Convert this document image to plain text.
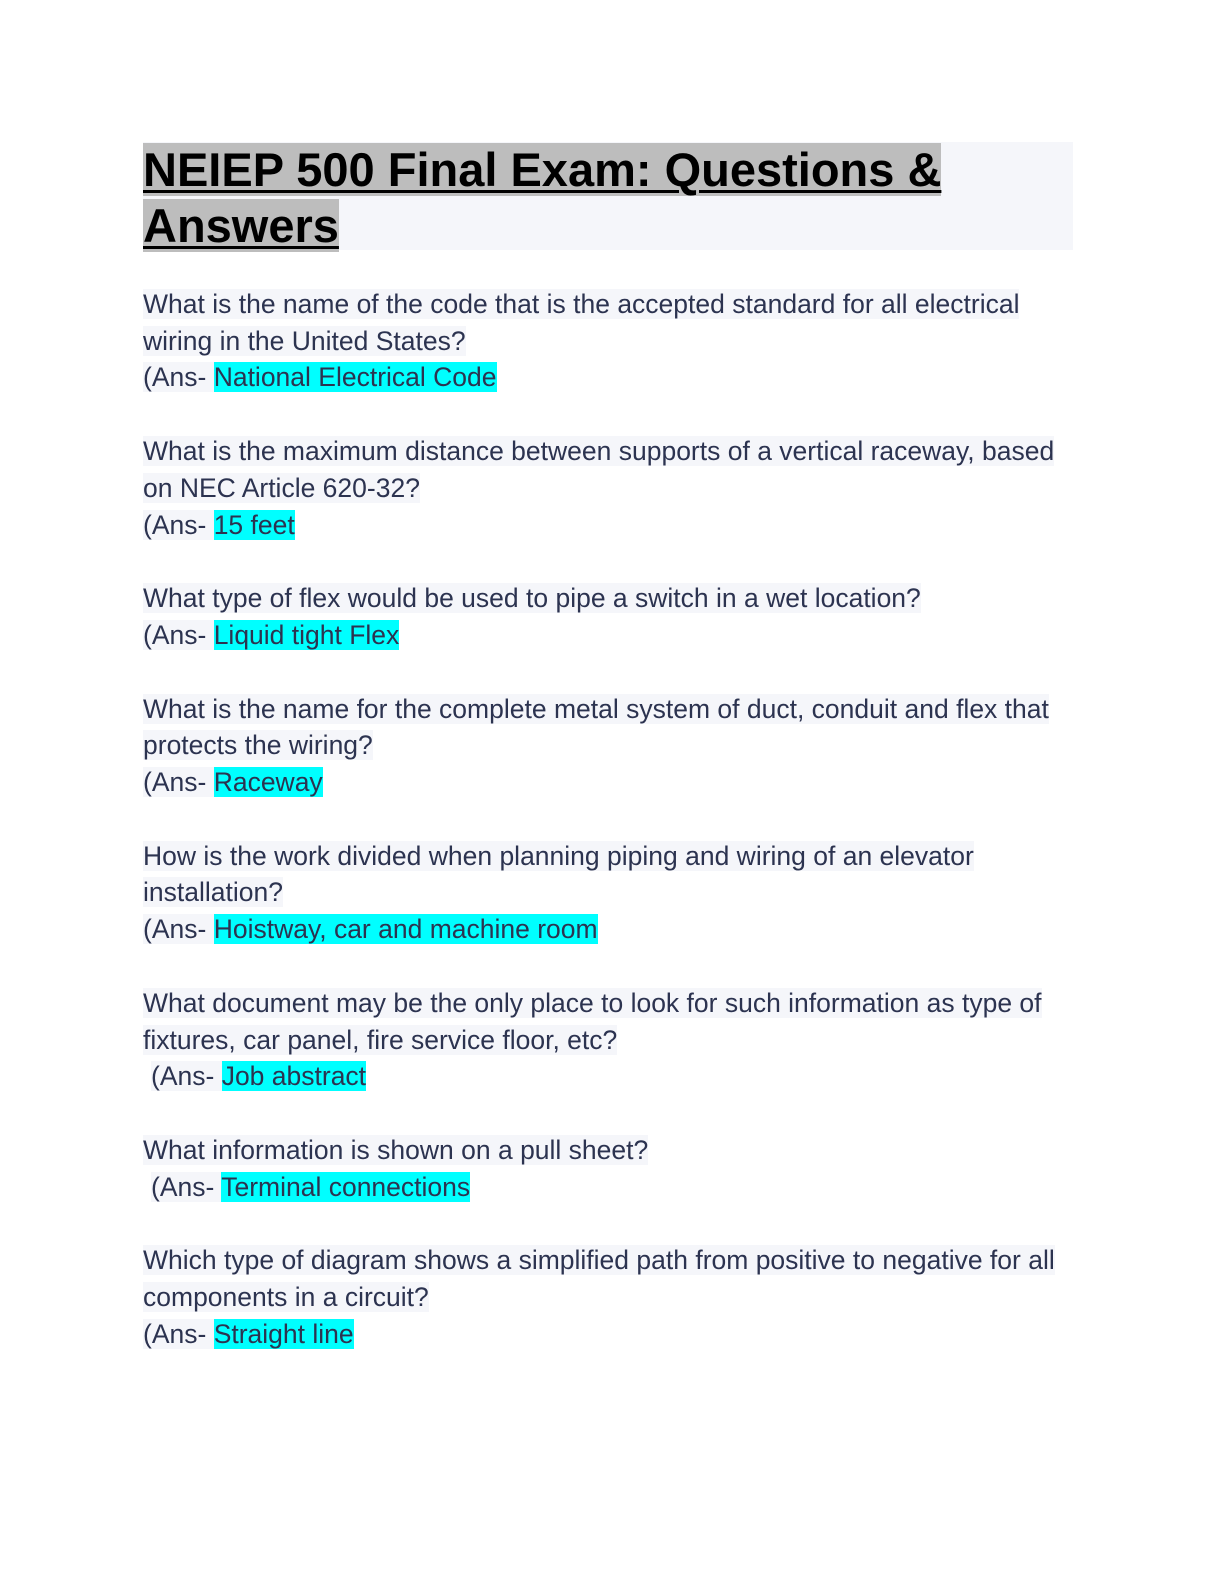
NEIEP 500 Final Exam: Questions & Answers

What is the name of the code that is the accepted standard for all electrical wiring in the United States?
(Ans- National Electrical Code

What is the maximum distance between supports of a vertical raceway, based on NEC Article 620-32?
(Ans- 15 feet

What type of flex would be used to pipe a switch in a wet location?
(Ans- Liquid tight Flex

What is the name for the complete metal system of duct, conduit and flex that protects the wiring?
(Ans- Raceway

How is the work divided when planning piping and wiring of an elevator installation?
(Ans- Hoistway, car and machine room

What document may be the only place to look for such information as type of fixtures, car panel, fire service floor, etc?
(Ans- Job abstract

What information is shown on a pull sheet?
(Ans- Terminal connections

Which type of diagram shows a simplified path from positive to negative for all components in a circuit?
(Ans- Straight line
